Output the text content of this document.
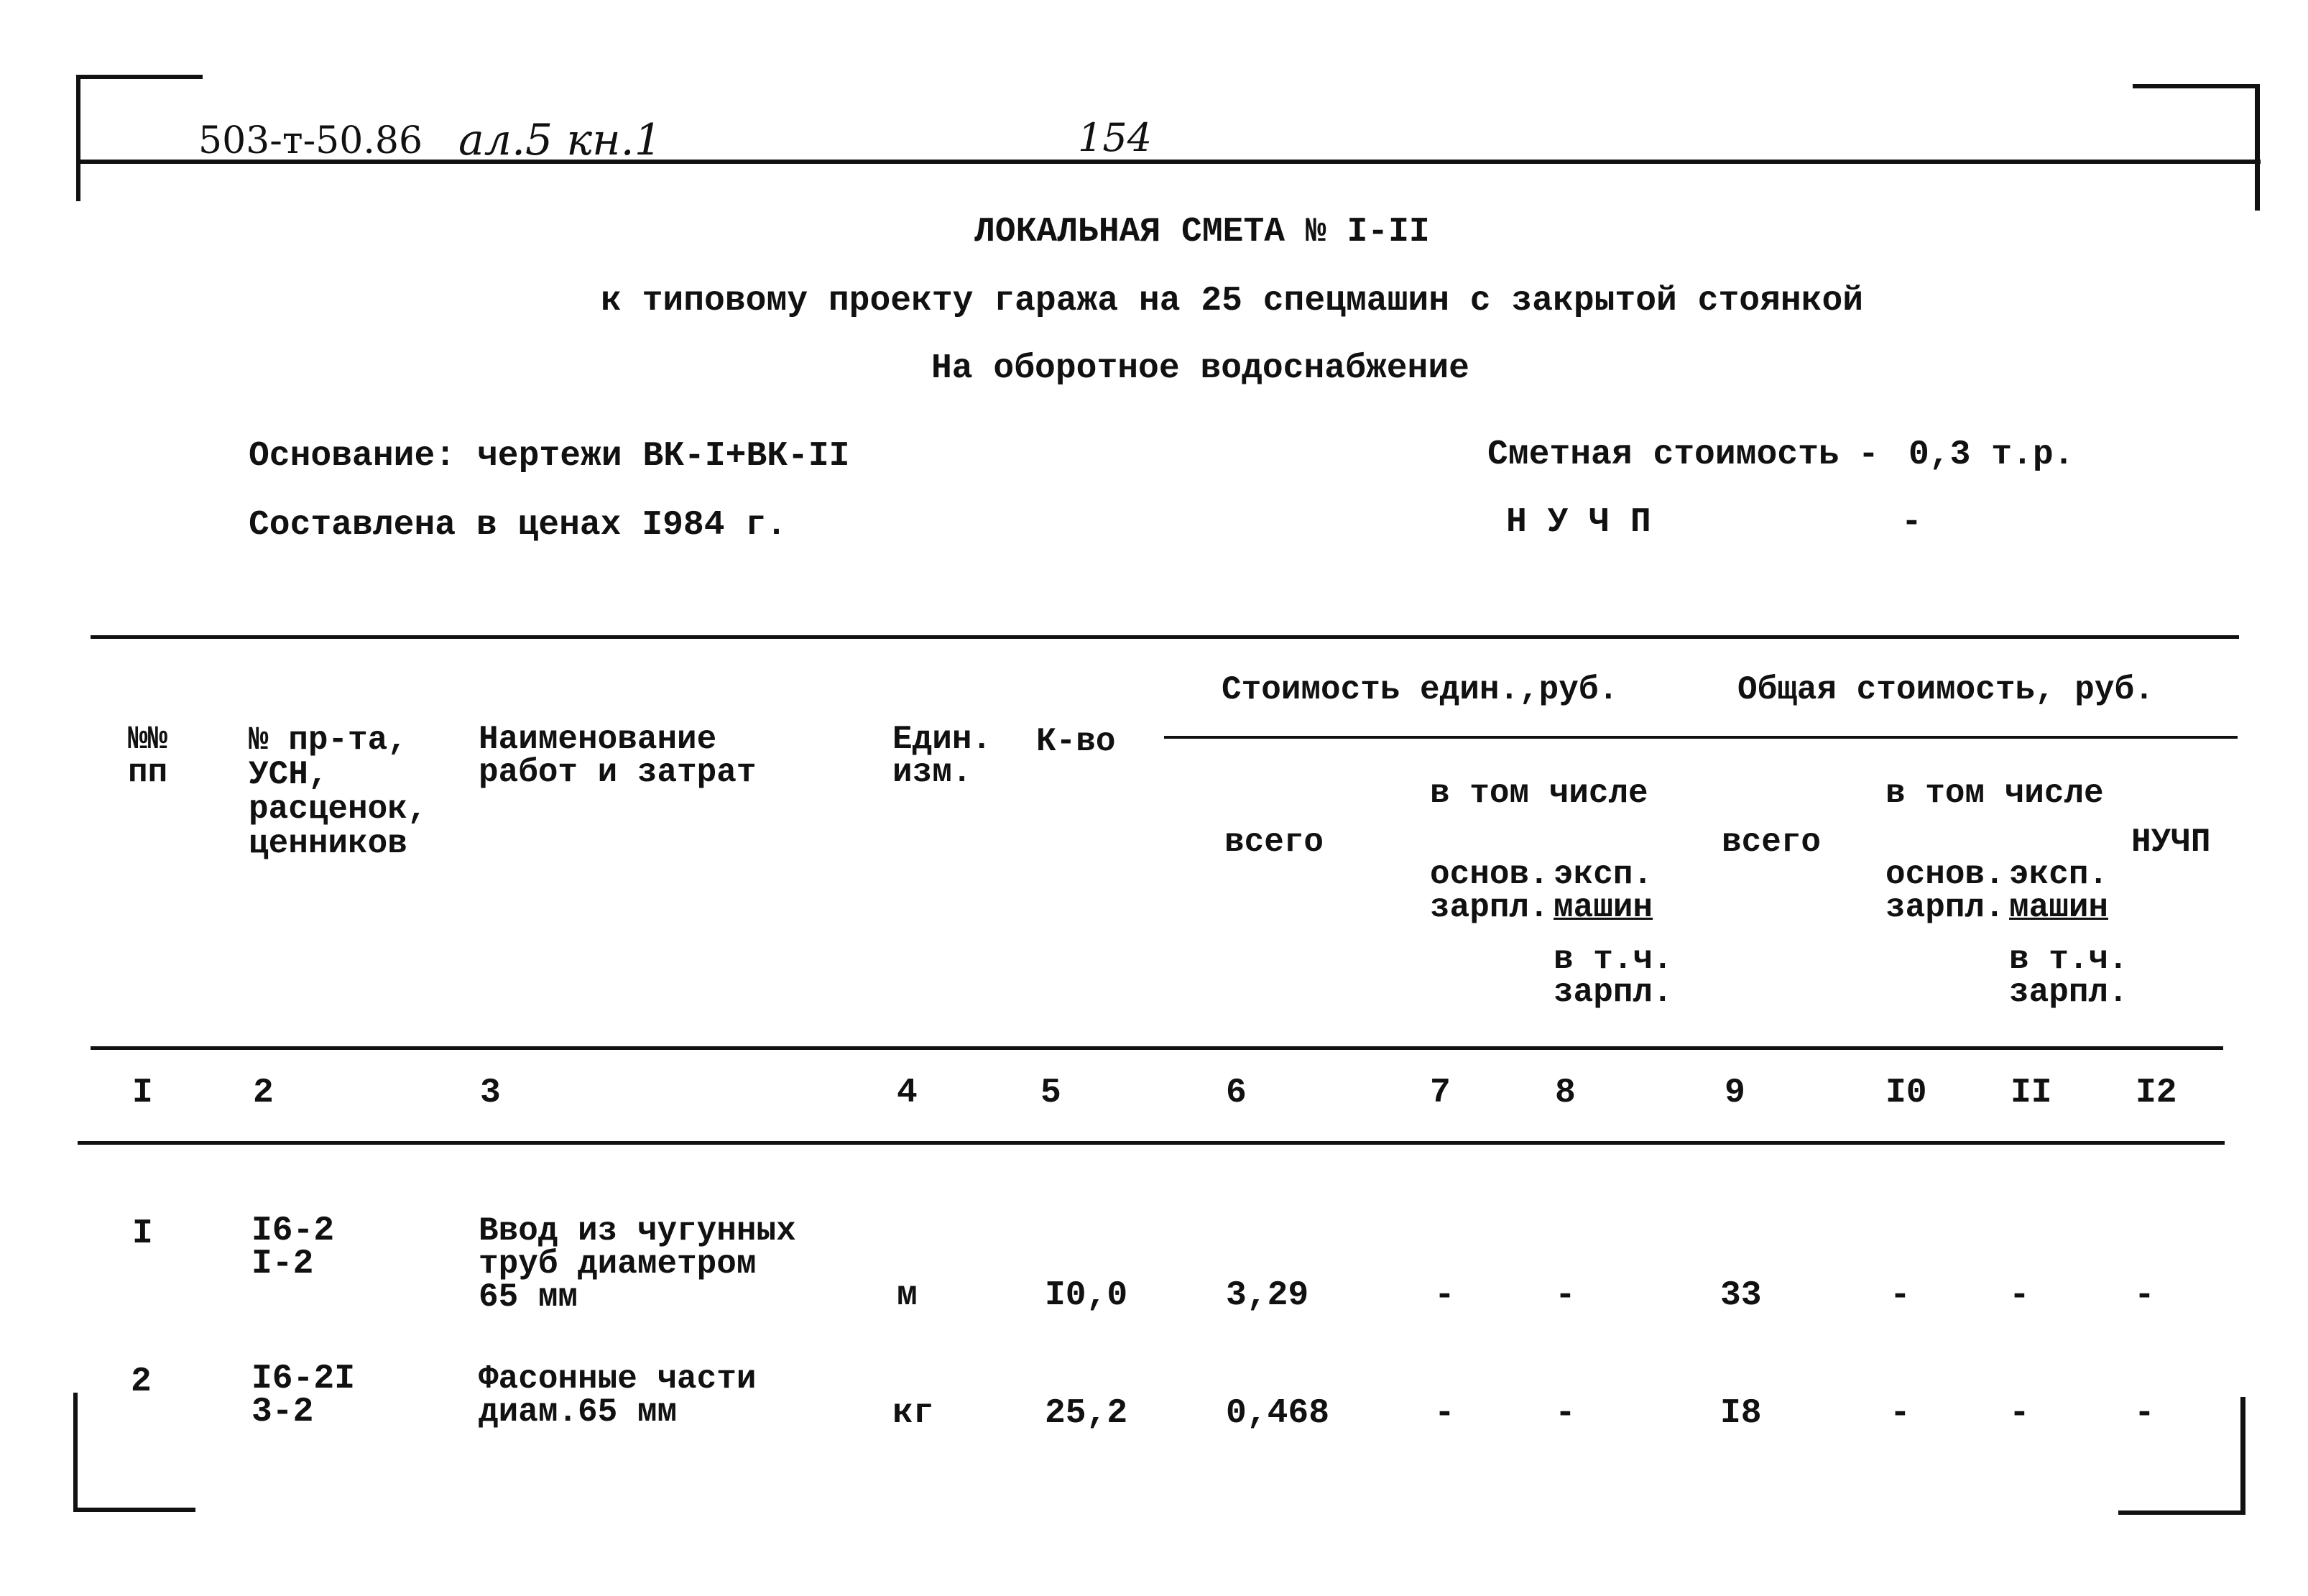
503-т-50.86 ал.5 кн.1	154
ЛОКАЛЬНАЯ СМЕТА № I-II
к типовому проекту гаража на 25 спецмашин с закрытой стоянкой
На оборотное водоснабжение
Основание: чертежи ВК-I+ВК-II
Составлена в ценах I984 г.
Сметная стоимость - 0,3 т.р.
Н У Ч П	-
№№
пп
№ пр-та,
УСН,
расценок,
ценников
Наименование
работ и затрат
Един.
изм.
К-во
Стоимость един.,руб.	Общая стоимость, руб.
всего
в том числе
основ.
зарпл.
эксп.
машин
в т.ч.
зарпл.
всего
в том числе
основ.
зарпл.
эксп.
машин
в т.ч.
зарпл.
НУЧП
I	2	3	4	5	6	7	8	9	I0 II I2
I	I6-2
I-2
Ввод из чугунных
труб диаметром
65 мм	м	I0,0	3,29	-	-	33	-	-	-
2	I6-2I
3-2
Фасонные части
диам.65 мм	кг	25,2	0,468	-	-	I8	-	-	-
